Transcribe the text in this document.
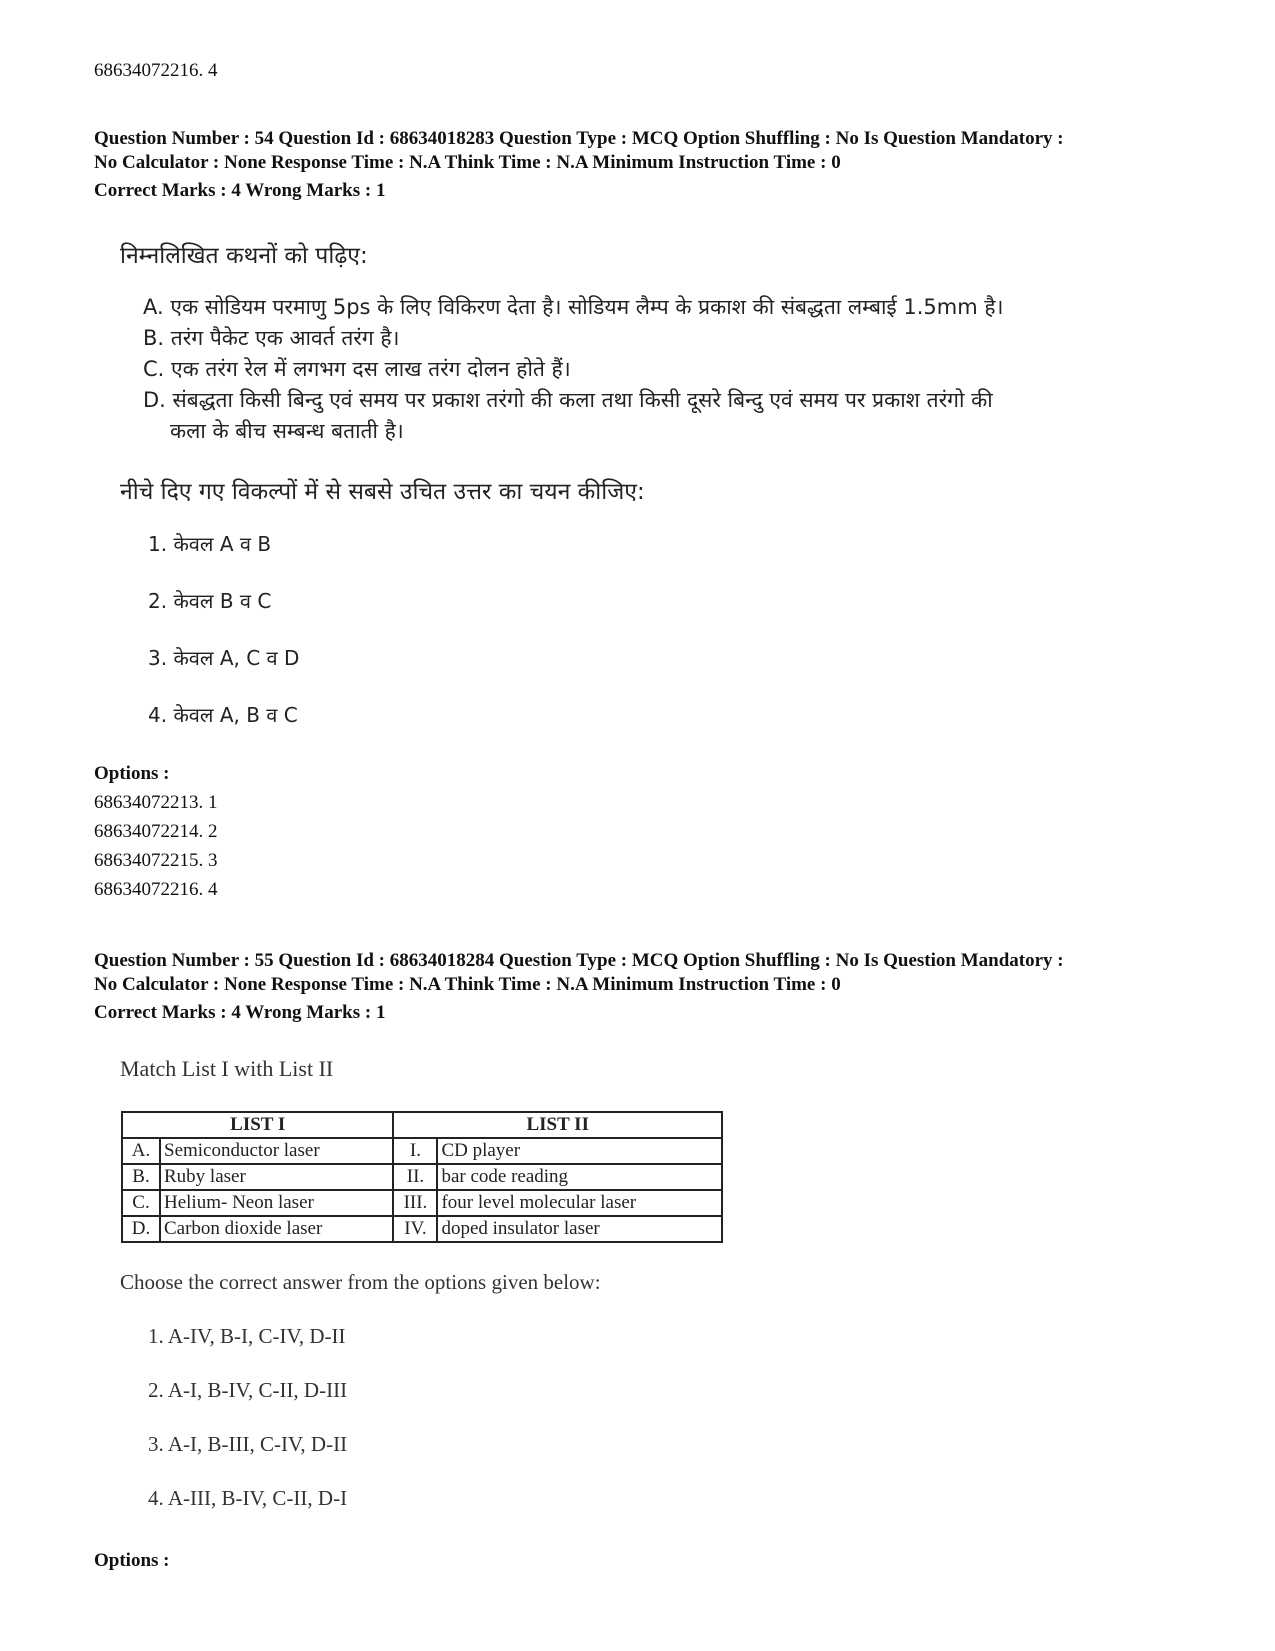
68634072216. 4
Question Number : 54 Question Id : 68634018283 Question Type : MCQ Option Shuffling : No Is Question Mandatory :
No Calculator : None Response Time : N.A Think Time : N.A Minimum Instruction Time : 0
Correct Marks : 4 Wrong Marks : 1
निम्नलिखित कथनों को पढ़िए:
A. एक सोडियम परमाणु 5ps के लिए विकिरण देता है। सोडियम लैम्प के प्रकाश की संबद्धता लम्बाई 1.5mm है।
B. तरंग पैकेट एक आवर्त तरंग है।
C. एक तरंग रेल में लगभग दस लाख तरंग दोलन होते हैं।
D. संबद्धता किसी बिन्दु एवं समय पर प्रकाश तरंगो की कला तथा किसी दूसरे बिन्दु एवं समय पर प्रकाश तरंगो की
कला के बीच सम्बन्ध बताती है।
नीचे दिए गए विकल्पों में से सबसे उचित उत्तर का चयन कीजिए:
1. केवल A व B
2. केवल B व C
3. केवल A, C व D
4. केवल A, B व C
Options :
68634072213. 1
68634072214. 2
68634072215. 3
68634072216. 4
Question Number : 55 Question Id : 68634018284 Question Type : MCQ Option Shuffling : No Is Question Mandatory :
No Calculator : None Response Time : N.A Think Time : N.A Minimum Instruction Time : 0
Correct Marks : 4 Wrong Marks : 1
Match List I with List II
LIST I		LIST II	
A.	Semiconductor laser	I.	CD player
B.	Ruby laser	II.	bar code reading
C.	Helium- Neon laser	III.	four level molecular laser
D.	Carbon dioxide laser	IV.	doped insulator laser
Choose the correct answer from the options given below:
1. A-IV, B-I, C-IV, D-II
2. A-I, B-IV, C-II, D-III
3. A-I, B-III, C-IV, D-II
4. A-III, B-IV, C-II, D-I
Options :
